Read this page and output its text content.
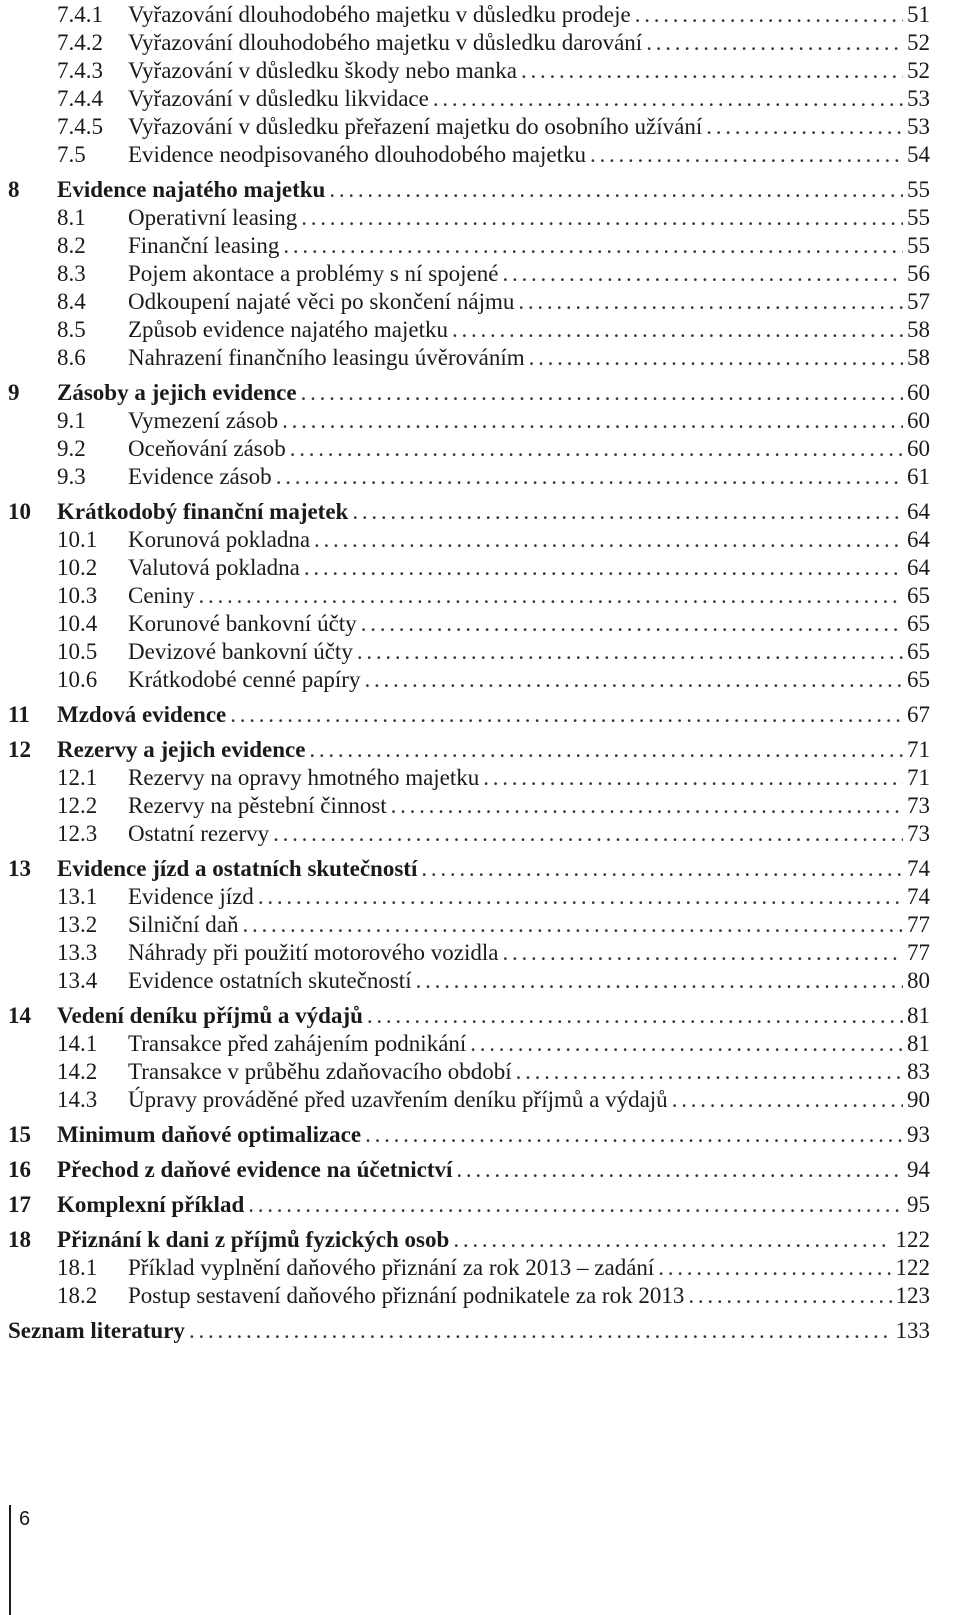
7.4.1 Vyřazování dlouhodobého majetku v důsledku prodeje . . .	51
7.4.2 Vyřazování dlouhodobého majetku v důsledku darování . . .	52
7.4.3 Vyřazování v důsledku škody nebo manka . . .	52
7.4.4 Vyřazování v důsledku likvidace . . .	53
7.4.5 Vyřazování v důsledku přeřazení majetku do osobního užívání . . .	53
7.5 Evidence neodpisovaného dlouhodobého majetku . . .	54
8 Evidence najatého majetku . . .	55
8.1 Operativní leasing . . .	55
8.2 Finanční leasing . . .	55
8.3 Pojem akontace a problémy s ní spojené . . .	56
8.4 Odkoupení najaté věci po skončení nájmu . . .	57
8.5 Způsob evidence najatého majetku . . .	58
8.6 Nahrazení finančního leasingu úvěrováním . . .	58
9 Zásoby a jejich evidence . . .	60
9.1 Vymezení zásob . . .	60
9.2 Oceňování zásob . . .	60
9.3 Evidence zásob . . .	61
10 Krátkodobý finanční majetek . . .	64
10.1 Korunová pokladna . . .	64
10.2 Valutová pokladna . . .	64
10.3 Ceniny . . .	65
10.4 Korunové bankovní účty . . .	65
10.5 Devizové bankovní účty . . .	65
10.6 Krátkodobé cenné papíry . . .	65
11 Mzdová evidence . . .	67
12 Rezervy a jejich evidence . . .	71
12.1 Rezervy na opravy hmotného majetku . . .	71
12.2 Rezervy na pěstební činnost . . .	73
12.3 Ostatní rezervy . . .	73
13 Evidence jízd a ostatních skutečností . . .	74
13.1 Evidence jízd . . .	74
13.2 Silniční daň . . .	77
13.3 Náhrady při použití motorového vozidla . . .	77
13.4 Evidence ostatních skutečností . . .	80
14 Vedení deníku příjmů a výdajů . . .	81
14.1 Transakce před zahájením podnikání . . .	81
14.2 Transakce v průběhu zdaňovacího období . . .	83
14.3 Úpravy prováděné před uzavřením deníku příjmů a výdajů . . .	90
15 Minimum daňové optimalizace . . .	93
16 Přechod z daňové evidence na účetnictví . . .	94
17 Komplexní příklad . . .	95
18 Přiznání k dani z příjmů fyzických osob . . .	122
18.1 Příklad vyplnění daňového přiznání za rok 2013 – zadání . . .	122
18.2 Postup sestavení daňového přiznání podnikatele za rok 2013 . . .	123
Seznam literatury . . .	133
6
